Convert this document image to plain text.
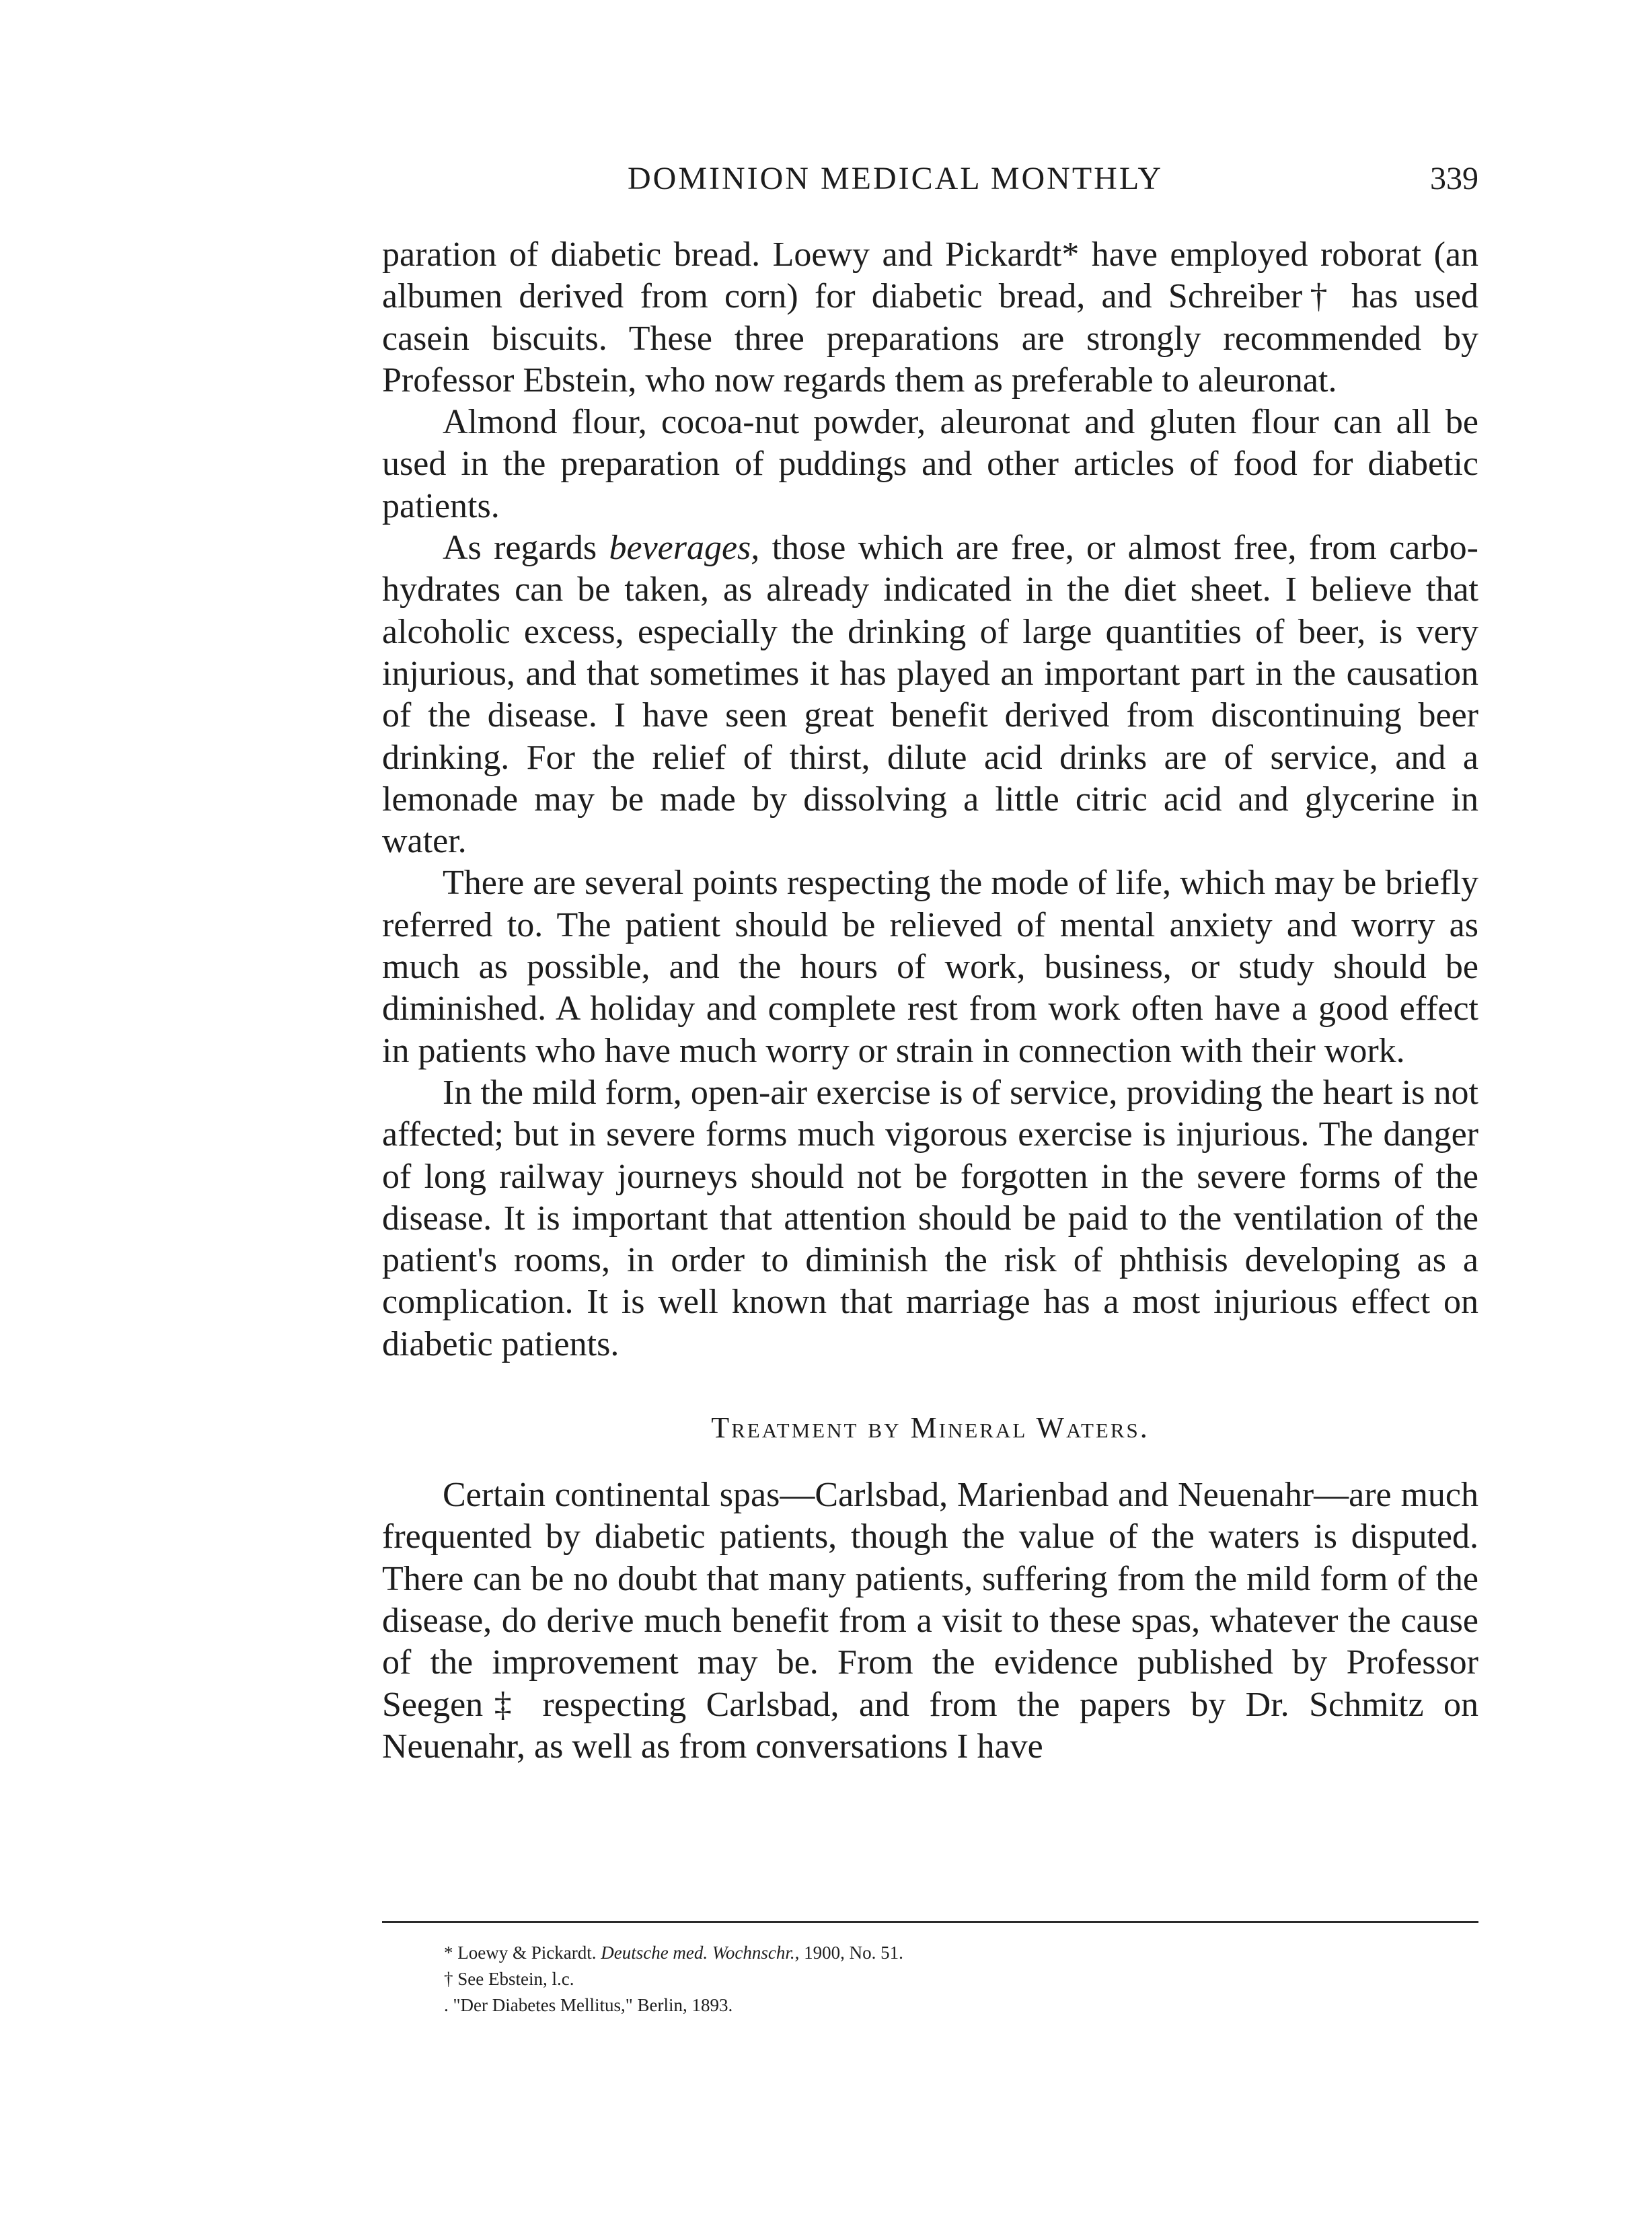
DOMINION MEDICAL MONTHLY	339

paration of diabetic bread. Loewy and Pickardt* have employed roborat (an albumen derived from corn) for diabetic bread, and Schreiber† has used casein biscuits. These three preparations are strongly recommended by Professor Ebstein, who now regards them as preferable to aleuronat.

Almond flour, cocoa-nut powder, aleuronat and gluten flour can all be used in the preparation of puddings and other articles of food for diabetic patients.

As regards beverages, those which are free, or almost free, from carbo-hydrates can be taken, as already indicated in the diet sheet. I believe that alcoholic excess, especially the drinking of large quantities of beer, is very injurious, and that sometimes it has played an important part in the causation of the disease. I have seen great benefit derived from discontinuing beer drinking. For the relief of thirst, dilute acid drinks are of service, and a lemonade may be made by dissolving a little citric acid and glycerine in water.

There are several points respecting the mode of life, which may be briefly referred to. The patient should be relieved of mental anxiety and worry as much as possible, and the hours of work, business, or study should be diminished. A holiday and complete rest from work often have a good effect in patients who have much worry or strain in connection with their work.

In the mild form, open-air exercise is of service, providing the heart is not affected; but in severe forms much vigorous exercise is injurious. The danger of long railway journeys should not be forgotten in the severe forms of the disease. It is important that attention should be paid to the ventilation of the patient's rooms, in order to diminish the risk of phthisis developing as a complication. It is well known that marriage has a most injurious effect on diabetic patients.

Treatment by Mineral Waters.

Certain continental spas—Carlsbad, Marienbad and Neuenahr—are much frequented by diabetic patients, though the value of the waters is disputed. There can be no doubt that many patients, suffering from the mild form of the disease, do derive much benefit from a visit to these spas, whatever the cause of the improvement may be. From the evidence published by Professor Seegen‡ respecting Carlsbad, and from the papers by Dr. Schmitz on Neuenahr, as well as from conversations I have

* Loewy & Pickardt. Deutsche med. Wochnschr., 1900, No. 51.
† See Ebstein, l.c.
. "Der Diabetes Mellitus," Berlin, 1893.
